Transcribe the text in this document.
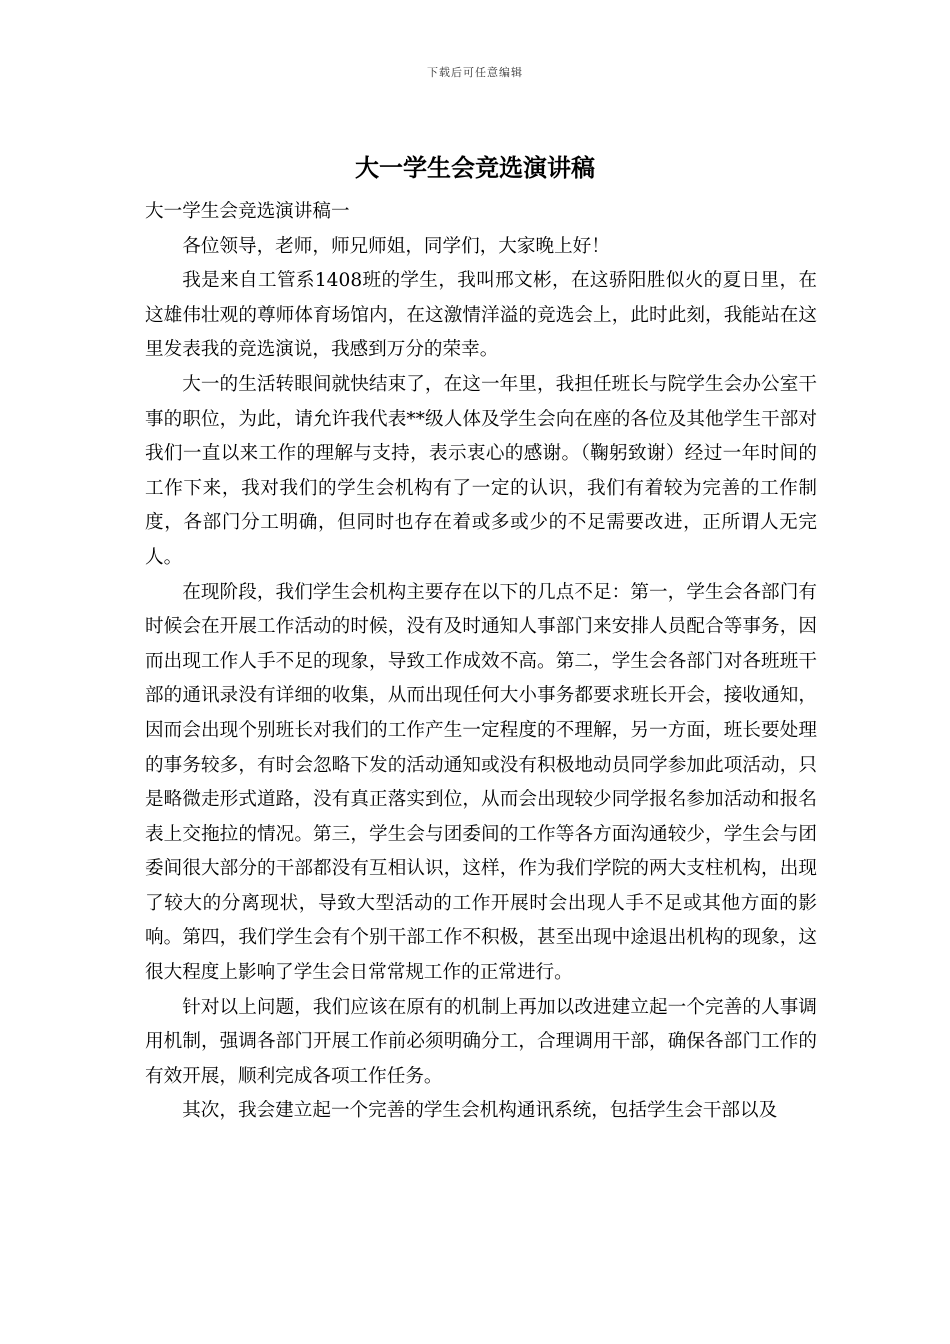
下载后可任意编辑
大一学生会竞选演讲稿

大一学生会竞选演讲稿一

各位领导，老师，师兄师姐，同学们，大家晚上好！

我是来自工管系1408班的学生，我叫邢文彬，在这骄阳胜似火的夏日里，在这雄伟壮观的尊师体育场馆内，在这激情洋溢的竞选会上，此时此刻，我能站在这里发表我的竞选演说，我感到万分的荣幸。

大一的生活转眼间就快结束了，在这一年里，我担任班长与院学生会办公室干事的职位，为此，请允许我代表**级人体及学生会向在座的各位及其他学生干部对我们一直以来工作的理解与支持，表示衷心的感谢。（鞠躬致谢）经过一年时间的工作下来，我对我们的学生会机构有了一定的认识，我们有着较为完善的工作制度，各部门分工明确，但同时也存在着或多或少的不足需要改进，正所谓人无完人。

在现阶段，我们学生会机构主要存在以下的几点不足：第一，学生会各部门有时候会在开展工作活动的时候，没有及时通知人事部门来安排人员配合等事务，因而出现工作人手不足的现象，导致工作成效不高。第二，学生会各部门对各班班干部的通讯录没有详细的收集，从而出现任何大小事务都要求班长开会，接收通知，因而会出现个别班长对我们的工作产生一定程度的不理解，另一方面，班长要处理的事务较多，有时会忽略下发的活动通知或没有积极地动员同学参加此项活动，只是略微走形式道路，没有真正落实到位，从而会出现较少同学报名参加活动和报名表上交拖拉的情况。第三，学生会与团委间的工作等各方面沟通较少，学生会与团委间很大部分的干部都没有互相认识，这样，作为我们学院的两大支柱机构，出现了较大的分离现状，导致大型活动的工作开展时会出现人手不足或其他方面的影响。第四，我们学生会有个别干部工作不积极，甚至出现中途退出机构的现象，这很大程度上影响了学生会日常常规工作的正常进行。

针对以上问题，我们应该在原有的机制上再加以改进建立起一个完善的人事调用机制，强调各部门开展工作前必须明确分工，合理调用干部，确保各部门工作的有效开展，顺利完成各项工作任务。

其次，我会建立起一个完善的学生会机构通讯系统，包括学生会干部以及
